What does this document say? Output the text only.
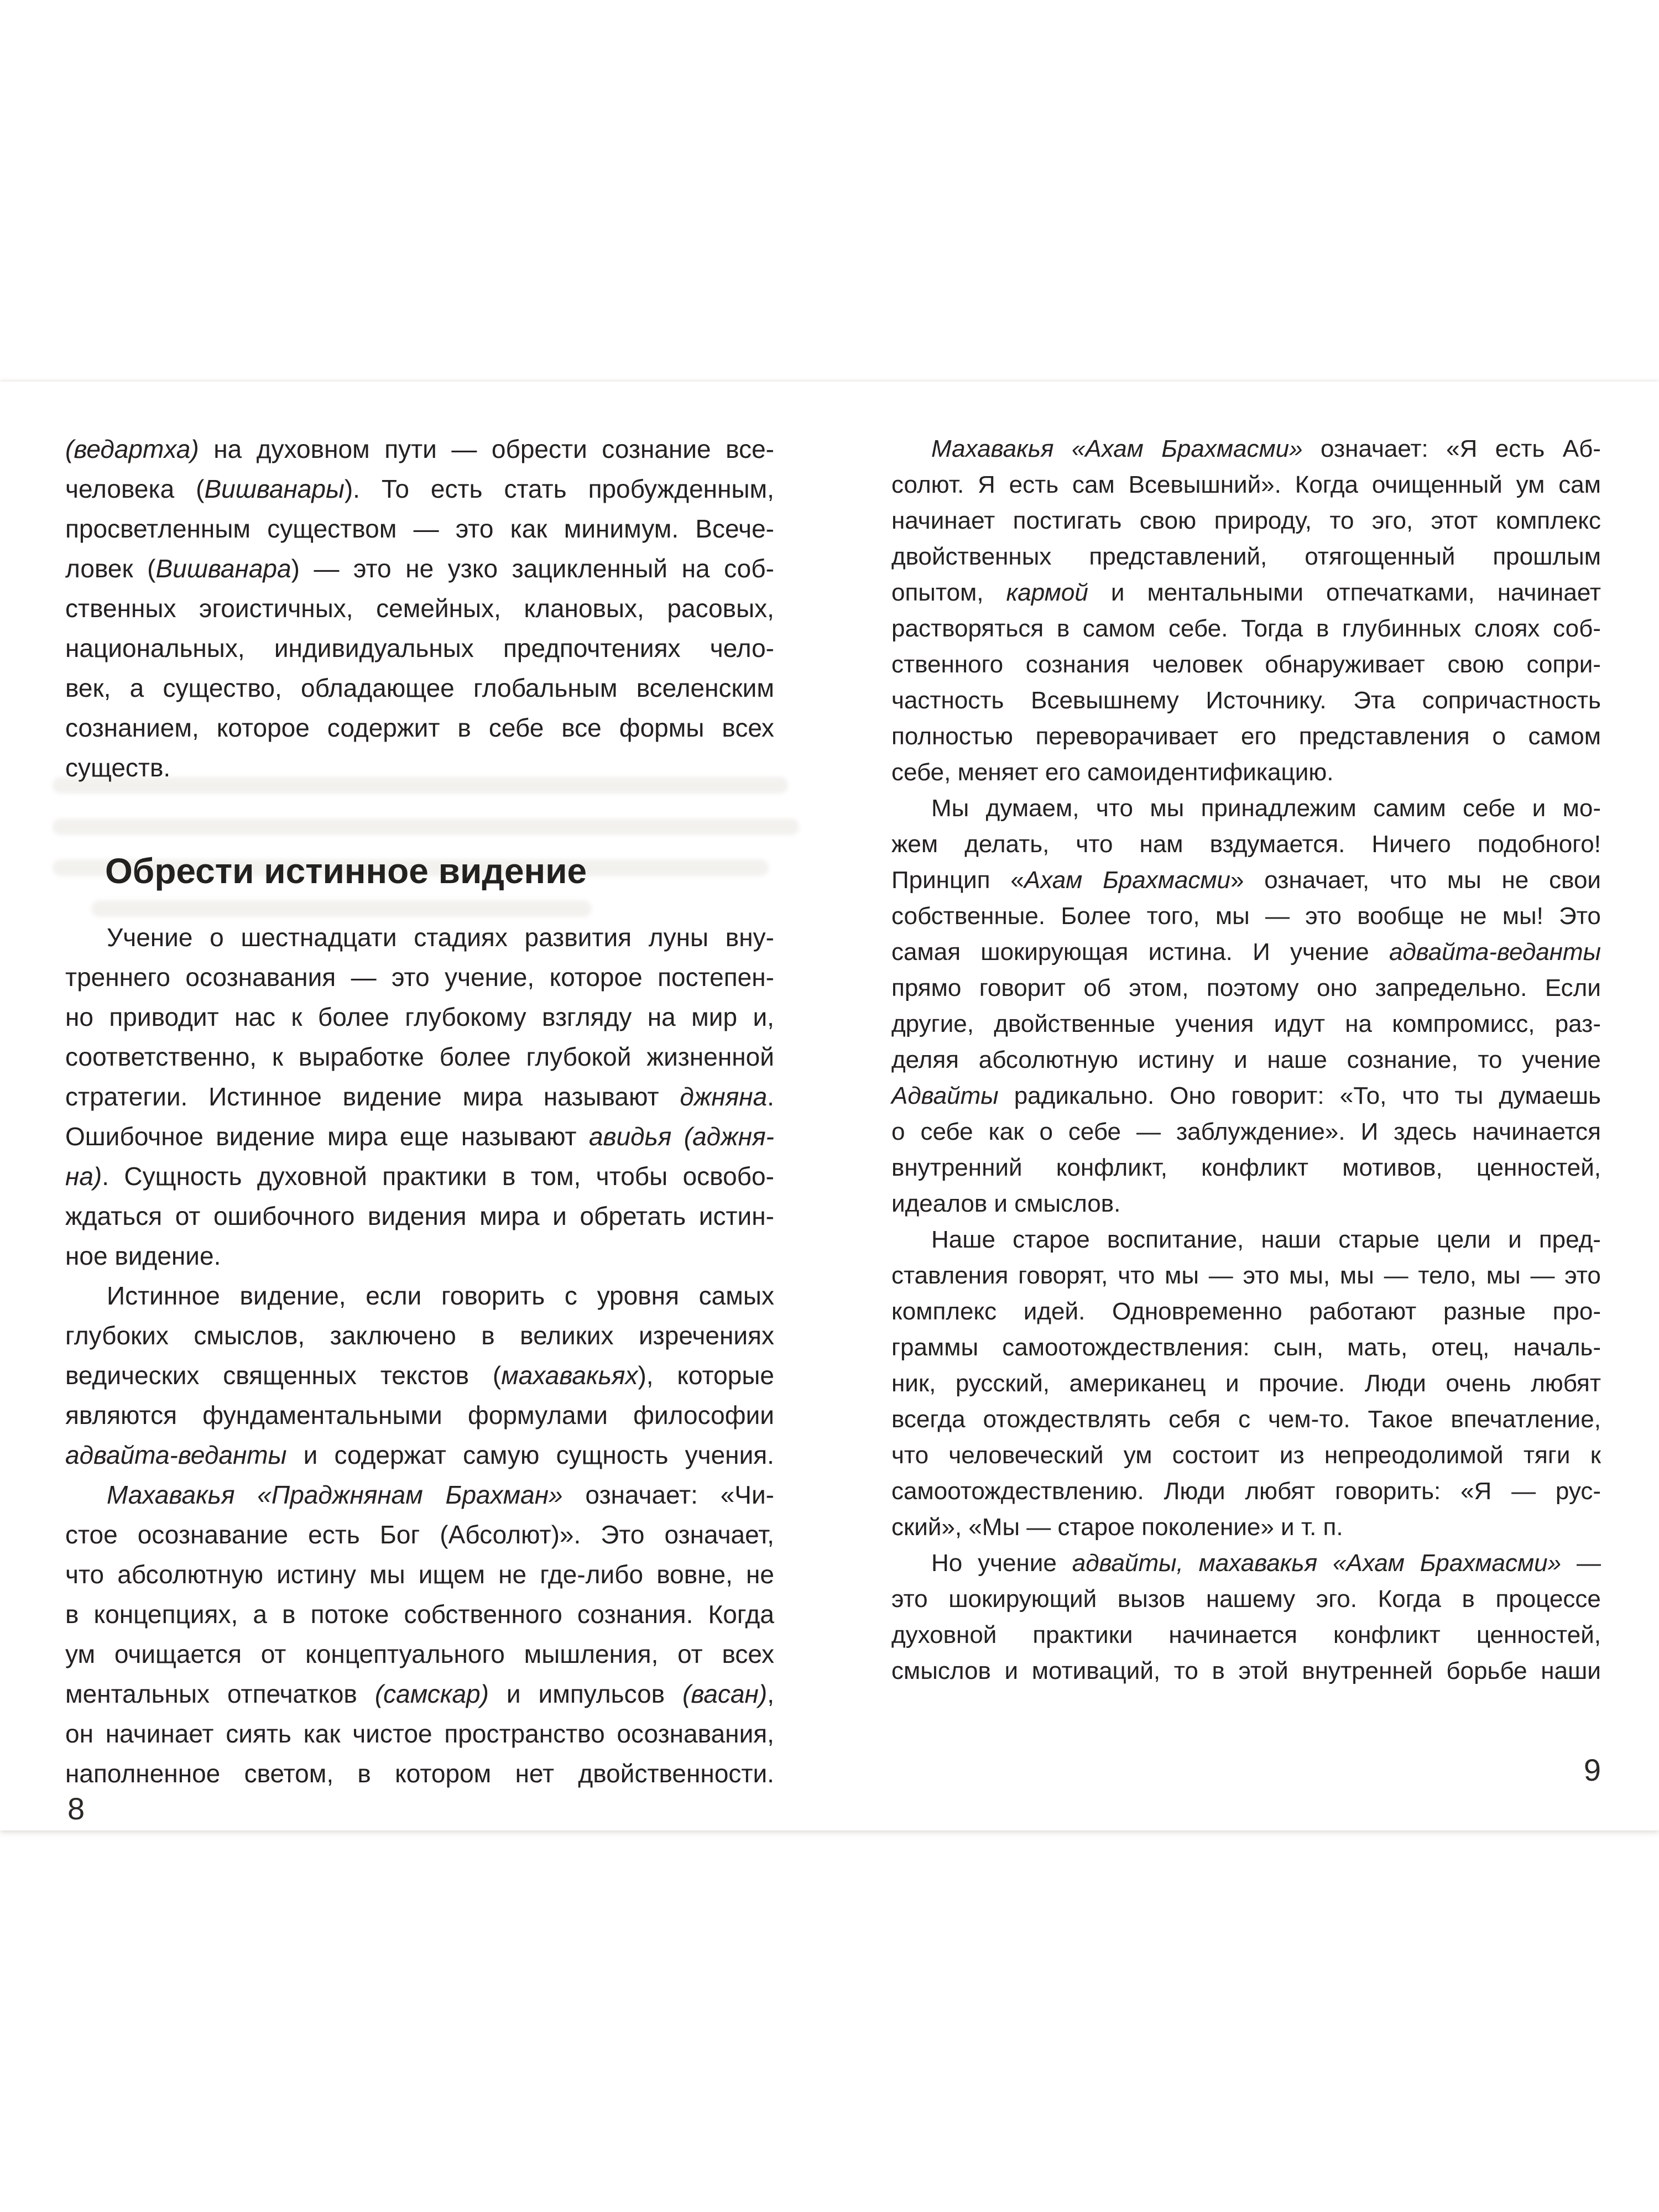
(ведартха) на духовном пути — обрести сознание все-
человека (Вишванары). То есть стать пробужденным,
просветленным существом — это как минимум. Всече-
ловек (Вишванара) — это не узко зацикленный на соб-
ственных эгоистичных, семейных, клановых, расовых,
национальных, индивидуальных предпочтениях чело-
век, а существо, обладающее глобальным вселенским
сознанием, которое содержит в себе все формы всех
существ.
Обрести истинное видение
Учение о шестнадцати стадиях развития луны вну-
треннего осознавания — это учение, которое постепен-
но приводит нас к более глубокому взгляду на мир и,
соответственно, к выработке более глубокой жизненной
стратегии. Истинное видение мира называют джняна.
Ошибочное видение мира еще называют авидья (аджня-
на). Сущность духовной практики в том, чтобы освобо-
ждаться от ошибочного видения мира и обретать истин-
ное видение.
Истинное видение, если говорить с уровня самых
глубоких смыслов, заключено в великих изречениях
ведических священных текстов (махавакьях), которые
являются фундаментальными формулами философии
адвайта-веданты и содержат самую сущность учения.
Махавакья «Праджнянам Брахман» означает: «Чи-
стое осознавание есть Бог (Абсолют)». Это означает,
что абсолютную истину мы ищем не где-либо вовне, не
в концепциях, а в потоке собственного сознания. Когда
ум очищается от концептуального мышления, от всех
ментальных отпечатков (самскар) и импульсов (васан),
он начинает сиять как чистое пространство осознавания,
наполненное светом, в котором нет двойственности.
Махавакья «Ахам Брахмасми» означает: «Я есть Аб-
солют. Я есть сам Всевышний». Когда очищенный ум сам
начинает постигать свою природу, то эго, этот комплекс
двойственных представлений, отягощенный прошлым
опытом, кармой и ментальными отпечатками, начинает
растворяться в самом себе. Тогда в глубинных слоях соб-
ственного сознания человек обнаруживает свою сопри-
частность Всевышнему Источнику. Эта сопричастность
полностью переворачивает его представления о самом
себе, меняет его самоидентификацию.
Мы думаем, что мы принадлежим самим себе и мо-
жем делать, что нам вздумается. Ничего подобного!
Принцип «Ахам Брахмасми» означает, что мы не свои
собственные. Более того, мы — это вообще не мы! Это
самая шокирующая истина. И учение адвайта-веданты
прямо говорит об этом, поэтому оно запредельно. Если
другие, двойственные учения идут на компромисс, раз-
деляя абсолютную истину и наше сознание, то учение
Адвайты радикально. Оно говорит: «То, что ты думаешь
о себе как о себе — заблуждение». И здесь начинается
внутренний конфликт, конфликт мотивов, ценностей,
идеалов и смыслов.
Наше старое воспитание, наши старые цели и пред-
ставления говорят, что мы — это мы, мы — тело, мы — это
комплекс идей. Одновременно работают разные про-
граммы самоотождествления: сын, мать, отец, началь-
ник, русский, американец и прочие. Люди очень любят
всегда отождествлять себя с чем-то. Такое впечатление,
что человеческий ум состоит из непреодолимой тяги к
самоотождествлению. Люди любят говорить: «Я — рус-
ский», «Мы — старое поколение» и т. п.
Но учение адвайты, махавакья «Ахам Брахмасми» —
это шокирующий вызов нашему эго. Когда в процессе
духовной практики начинается конфликт ценностей,
смыслов и мотиваций, то в этой внутренней борьбе наши
8
9
